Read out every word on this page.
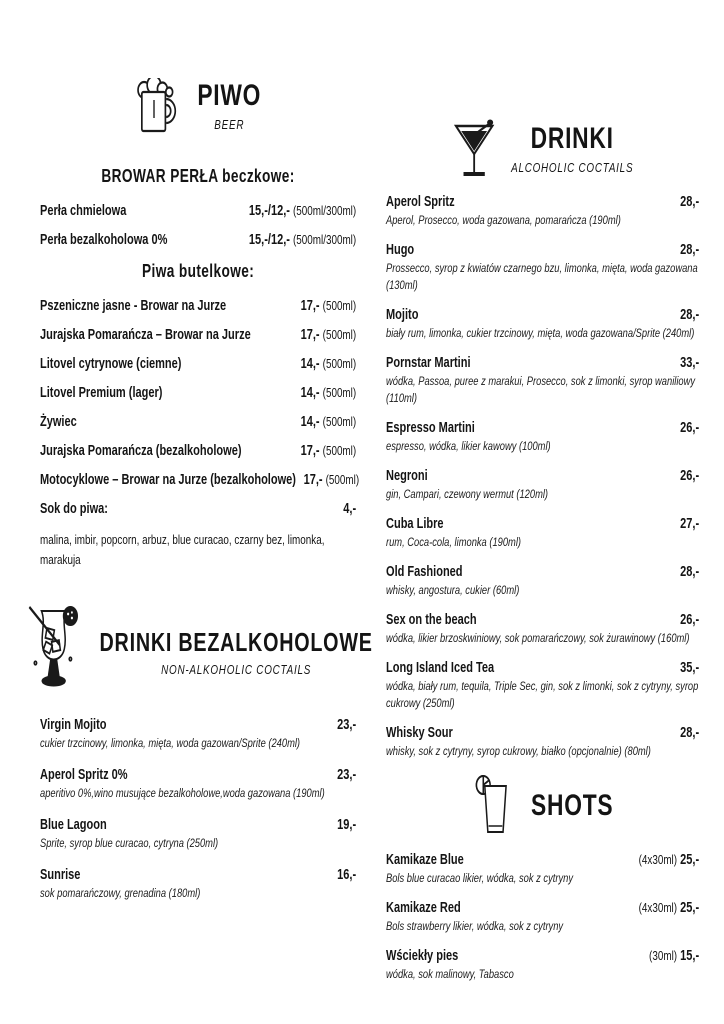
PIWO
BEER
BROWAR PERŁA beczkowe:
Perła chmielowa	15,-/12,- (500ml/300ml)
Perła bezalkoholowa 0%	15,-/12,- (500ml/300ml)
Piwa butelkowe:
Pszeniczne jasne - Browar na Jurze	17,- (500ml)
Jurajska Pomarańcza – Browar na Jurze	17,- (500ml)
Litovel cytrynowe (ciemne)	14,- (500ml)
Litovel Premium (lager)	14,- (500ml)
Żywiec	14,- (500ml)
Jurajska Pomarańcza (bezalkoholowe)	17,- (500ml)
Motocyklowe – Browar na Jurze (bezalkoholowe) 17,- (500ml)
Sok do piwa:	4,-

malina, imbir, popcorn, arbuz, blue curacao, czarny bez, limonka, marakuja

DRINKI BEZALKOHOLOWE
NON-ALKOHOLIC COCTAILS
Virgin Mojito	23,-
cukier trzcinowy, limonka, mięta, woda gazowan/Sprite (240ml)
Aperol Spritz 0%	23,-
aperitivo 0%,wino musujące bezalkoholowe,woda gazowana (190ml)
Blue Lagoon	19,-
Sprite, syrop blue curacao, cytryna (250ml)
Sunrise	16,-
sok pomarańczowy, grenadina (180ml)
DRINKI
ALCOHOLIC COCTAILS
Aperol Spritz	28,-
Aperol, Prosecco, woda gazowana, pomarańcza (190ml)
Hugo	28,-
Prossecco, syrop z kwiatów czarnego bzu, limonka, mięta, woda gazowana (130ml)
Mojito	28,-
biały rum, limonka, cukier trzcinowy, mięta, woda gazowana/Sprite (240ml)
Pornstar Martini	33,-
wódka, Passoa, puree z marakui, Prosecco, sok z limonki, syrop waniliowy (110ml)
Espresso Martini	26,-
espresso, wódka, likier kawowy (100ml)
Negroni	26,-
gin, Campari, czewony wermut (120ml)
Cuba Libre	27,-
rum, Coca-cola, limonka (190ml)
Old Fashioned	28,-
whisky, angostura, cukier (60ml)
Sex on the beach	26,-
wódka, likier brzoskwiniowy, sok pomarańczowy, sok żurawinowy (160ml)
Long Island Iced Tea	35,-
wódka, biały rum, tequila, Triple Sec, gin, sok z limonki, sok z cytryny, syrop cukrowy (250ml)
Whisky Sour	28,-
whisky, sok z cytryny, syrop cukrowy, białko (opcjonalnie) (80ml)
SHOTS
Kamikaze Blue	(4x30ml) 25,-
Bols blue curacao likier, wódka, sok z cytryny
Kamikaze Red	(4x30ml) 25,-
Bols strawberry likier, wódka, sok z cytryny
Wściekły pies	(30ml) 15,-
wódka, sok malinowy, Tabasco
